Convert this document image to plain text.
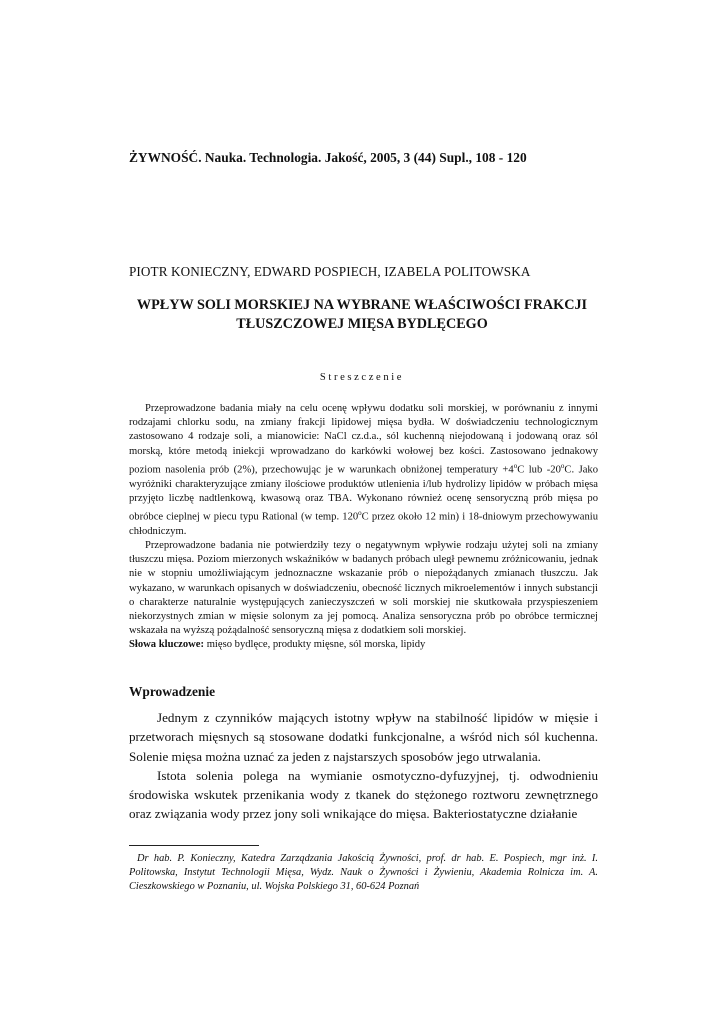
ŻYWNOŚĆ. Nauka. Technologia. Jakość, 2005, 3 (44) Supl., 108 - 120
PIOTR KONIECZNY, EDWARD POSPIECH, IZABELA POLITOWSKA
WPŁYW SOLI MORSKIEJ NA WYBRANE WŁAŚCIWOŚCI FRAKCJI TŁUSZCZOWEJ MIĘSA BYDLĘCEGO
Streszczenie

Przeprowadzone badania miały na celu ocenę wpływu dodatku soli morskiej, w porównaniu z innymi rodzajami chlorku sodu, na zmiany frakcji lipidowej mięsa bydła. W doświadczeniu technologicznym zastosowano 4 rodzaje soli, a mianowicie: NaCl cz.d.a., sól kuchenną niejodowaną i jodowaną oraz sól morską, które metodą iniekcji wprowadzano do karkówki wołowej bez kości. Zastosowano jednakowy poziom nasolenia prób (2%), przechowując je w warunkach obniżonej temperatury $+4^oC$ lub -20$^o$C. Jako wyróżniki charakteryzujące zmiany ilościowe produktów utlenienia i/lub hydrolizy lipidów w próbach mięsa przyjęto liczbę nadtlenkową, kwasową oraz TBA. Wykonano również ocenę sensoryczną prób mięsa po obróbce cieplnej w piecu typu Rational (w temp. 120$^o$C przez około 12 min) i 18-dniowym przechowywaniu chłodniczym.

Przeprowadzone badania nie potwierdziły tezy o negatywnym wpływie rodzaju użytej soli na zmiany tłuszczu mięsa. Poziom mierzonych wskaźników w badanych próbach uległ pewnemu zróżnicowaniu, jednak nie w stopniu umożliwiającym jednoznaczne wskazanie prób o niepożądanych zmianach tłuszczu. Jak wykazano, w warunkach opisanych w doświadczeniu, obecność licznych mikroelementów i innych substancji o charakterze naturalnie występujących zanieczyszczeń w soli morskiej nie skutkowała przyspieszeniem niekorzystnych zmian w mięsie solonym za jej pomocą. Analiza sensoryczna prób po obróbce termicznej wskazała na wyższą pożądalność sensoryczną mięsa z dodatkiem soli morskiej.

Słowa kluczowe: mięso bydlęce, produkty mięsne, sól morska, lipidy
Wprowadzenie

Jednym z czynników mających istotny wpływ na stabilność lipidów w mięsie i przetworach mięsnych są stosowane dodatki funkcjonalne, a wśród nich sól kuchenna. Solenie mięsa można uznać za jeden z najstarszych sposobów jego utrwalania.

Istota solenia polega na wymianie osmotyczno-dyfuzyjnej, tj. odwodnieniu środowiska wskutek przenikania wody z tkanek do stężonego roztworu zewnętrznego oraz związania wody przez jony soli wnikające do mięsa. Bakteriostatyczne działanie

Dr hab. P. Konieczny, Katedra Zarządzania Jakością Żywności, prof. dr hab. E. Pospiech, mgr inż. I. Politowska, Instytut Technologii Mięsa, Wydz. Nauk o Żywności i Żywieniu, Akademia Rolnicza im. A. Cieszkowskiego w Poznaniu, ul. Wojska Polskiego 31, 60-624 Poznań
